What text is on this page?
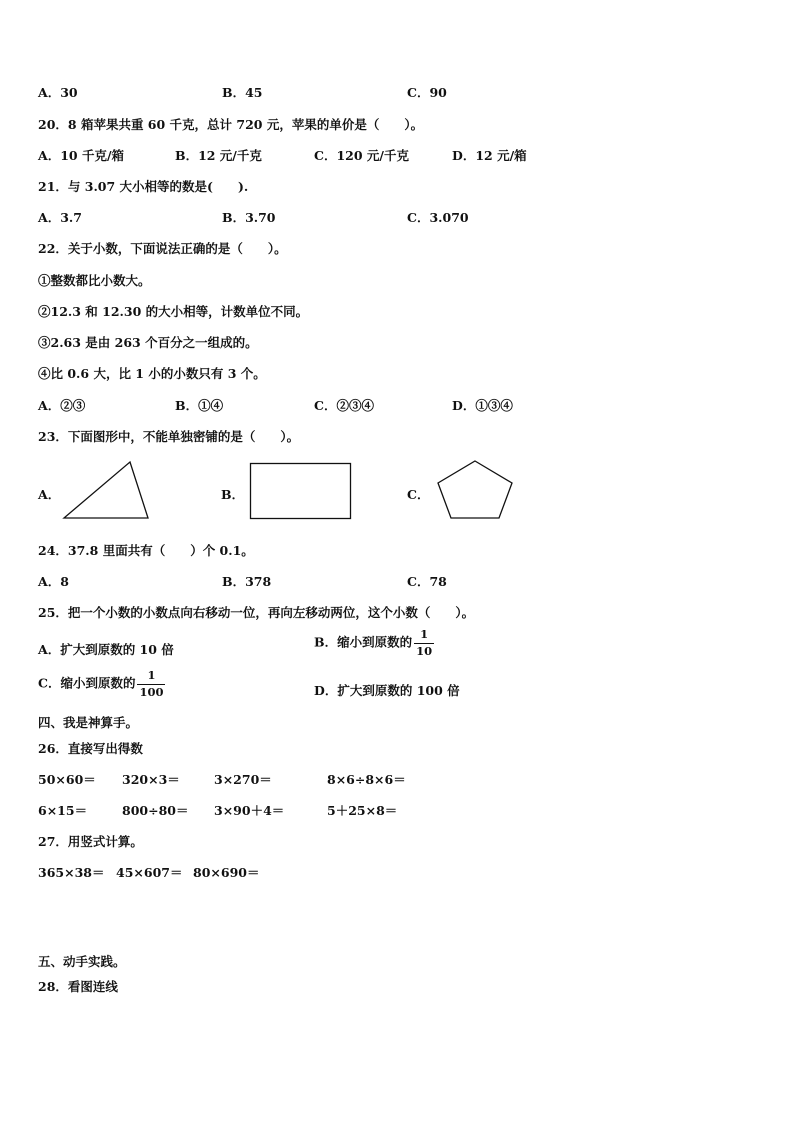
A．30	B．45	C．90
20．8 箱苹果共重 60 千克，总计 720 元，苹果的单价是（　　）。
A．10 千克/箱	B．12 元/千克	C．120 元/千克	D．12 元/箱
21．与 3.07 大小相等的数是(　　).
A．3.7	B．3.70	C．3.070
22．关于小数，下面说法正确的是（　　）。
①整数都比小数大。
②12.3 和 12.30 的大小相等，计数单位不同。
③2.63 是由 263 个百分之一组成的。
④比 0.6 大，比 1 小的小数只有 3 个。
A．②③	B．①④	C．②③④	D．①③④
23．下面图形中，不能单独密铺的是（　　）。
A．	B．	C．
24．37.8 里面共有（　　）个 0.1。
A．8	B．378	C．78
25．把一个小数的小数点向右移动一位，再向左移动两位，这个小数（　　）。
A．扩大到原数的 10 倍	B．缩小到原数的 $\frac{1}{10}$
C．缩小到原数的 $\frac{1}{100}$	D．扩大到原数的 100 倍
四、我是神算手。
26．直接写出得数
50×60＝ 320×3＝	3×270＝	8×6÷8×6＝
6×15＝	800÷80＝ 3×90＋4＝	5＋25×8＝
27．用竖式计算。
365×38＝ 45×607＝ 80×690＝
五、动手实践。
28．看图连线
